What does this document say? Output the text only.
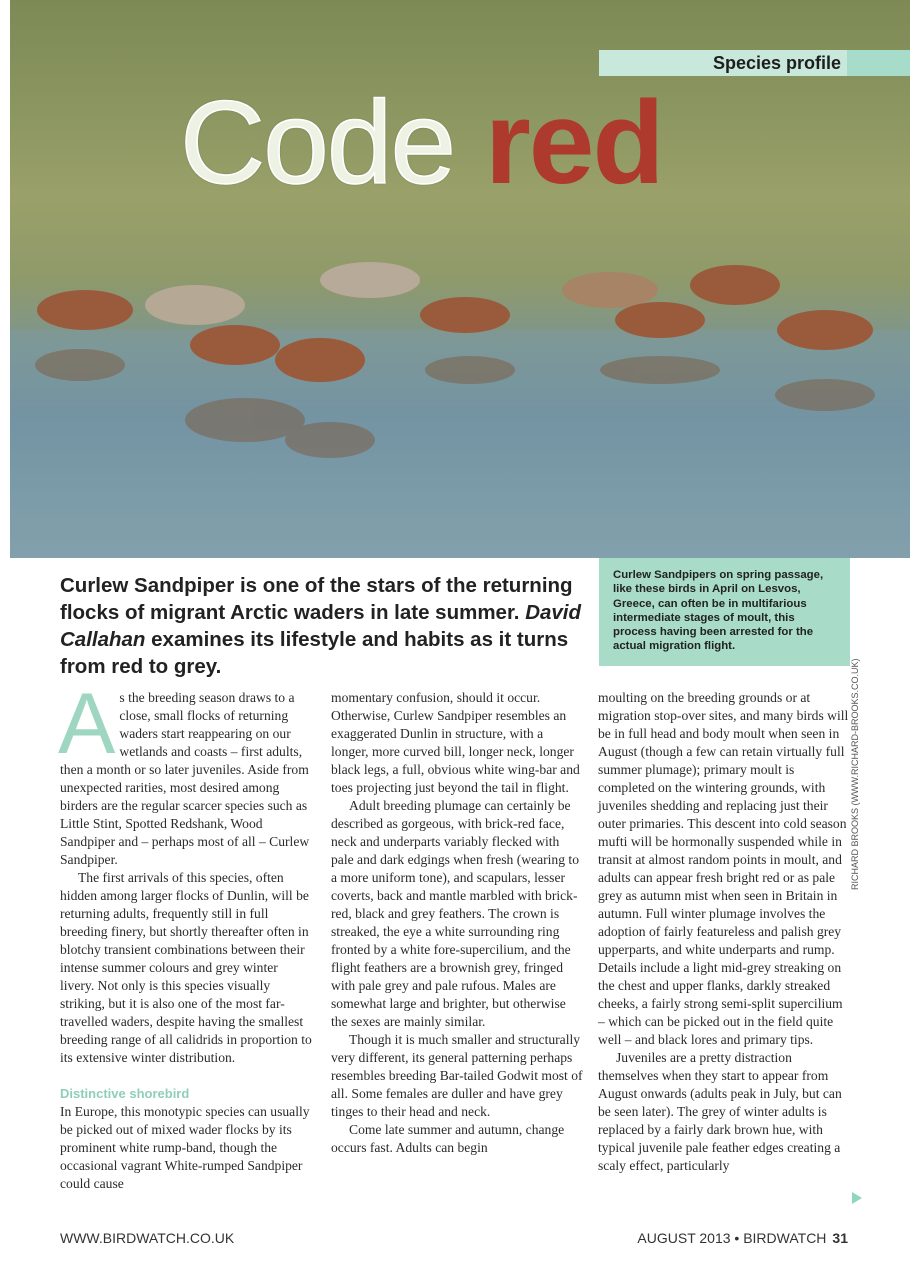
Species profile
Code red
Curlew Sandpiper is one of the stars of the returning flocks of migrant Arctic waders in late summer. David Callahan examines its lifestyle and habits as it turns from red to grey.
Curlew Sandpipers on spring passage, like these birds in April on Lesvos, Greece, can often be in multifarious intermediate stages of moult, this process having been arrested for the actual migration flight.

As the breeding season draws to a close, small flocks of returning waders start reappearing on our wetlands and coasts – first adults, then a month or so later juveniles. Aside from unexpected rarities, most desired among birders are the regular scarcer species such as Little Stint, Spotted Redshank, Wood Sandpiper and – perhaps most of all – Curlew Sandpiper.

The first arrivals of this species, often hidden among larger flocks of Dunlin, will be returning adults, frequently still in full breeding finery, but shortly thereafter often in blotchy transient combinations between their intense summer colours and grey winter livery. Not only is this species visually striking, but it is also one of the most far-travelled waders, despite having the smallest breeding range of all calidrids in proportion to its extensive winter distribution.

Distinctive shorebird

In Europe, this monotypic species can usually be picked out of mixed wader flocks by its prominent white rump-band, though the occasional vagrant White-rumped Sandpiper could cause

momentary confusion, should it occur. Otherwise, Curlew Sandpiper resembles an exaggerated Dunlin in structure, with a longer, more curved bill, longer neck, longer black legs, a full, obvious white wing-bar and toes projecting just beyond the tail in flight.

Adult breeding plumage can certainly be described as gorgeous, with brick-red face, neck and underparts variably flecked with pale and dark edgings when fresh (wearing to a more uniform tone), and scapulars, lesser coverts, back and mantle marbled with brick-red, black and grey feathers. The crown is streaked, the eye a white surrounding ring fronted by a white fore-supercilium, and the flight feathers are a brownish grey, fringed with pale grey and pale rufous. Males are somewhat large and brighter, but otherwise the sexes are mainly similar.

Though it is much smaller and structurally very different, its general patterning perhaps resembles breeding Bar-tailed Godwit most of all. Some females are duller and have grey tinges to their head and neck.

Come late summer and autumn, change occurs fast. Adults can begin

moulting on the breeding grounds or at migration stop-over sites, and many birds will be in full head and body moult when seen in August (though a few can retain virtually full summer plumage); primary moult is completed on the wintering grounds, with juveniles shedding and replacing just their outer primaries. This descent into cold season mufti will be hormonally suspended while in transit at almost random points in moult, and adults can appear fresh bright red or as pale grey as autumn mist when seen in Britain in autumn. Full winter plumage involves the adoption of fairly featureless and palish grey upperparts, and white underparts and rump. Details include a light mid-grey streaking on the chest and upper flanks, darkly streaked cheeks, a fairly strong semi-split supercilium – which can be picked out in the field quite well – and black lores and primary tips.

Juveniles are a pretty distraction themselves when they start to appear from August onwards (adults peak in July, but can be seen later). The grey of winter adults is replaced by a fairly dark brown hue, with typical juvenile pale feather edges creating a scaly effect, particularly

RICHARD BROOKS (WWW.RICHARD-BROOKS.CO.UK)
WWW.BIRDWATCH.CO.UK	AUGUST 2013 • BIRDWATCH 31
